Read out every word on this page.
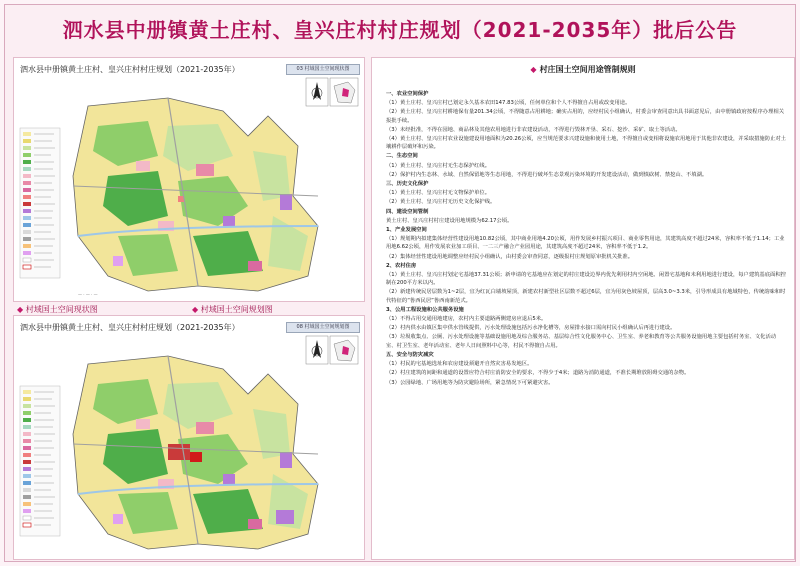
泗水县中册镇黄土庄村、皇兴庄村村庄规划（2021-2035年）批后公告
泗水县中册镇黄土庄村、皇兴庄村村庄规划（2021-2035年）	03 村域国土空间现状图
— · — · —
◆ 村域国土空间现状图	◆ 村域国土空间规划图
泗水县中册镇黄土庄村、皇兴庄村村庄规划（2021-2035年）	08 村域国土空间规划图
◆ 村庄国土空间用途管制规则

一、农业空间保护

（1）黄土庄村、皇兴庄村已划定永久基本农田147.83公顷，任何单位和个人不得擅自占用或改变用途。

（2）黄土庄村、皇兴庄村耕地保有量201.34公顷，不得随意占用耕地；确实占用的，应经村民小组确认，村委会审查同意出具书面意见后，由中册镇政府按程序办理相关报批手续。

（3）未经批准，不得在园地、商品林及其他农用地进行非农建设活动，不得进行毁林开垦、采石、挖沙、采矿、取土等活动。

（4）黄土庄村、皇兴庄村农业设施建设用地面积为20.26公顷，应当规范要求兴建设施和使用土地，不得擅自或变相将设施农用地用于其他非农建设，并采取措施防止对土壤耕作层破坏和污染。

二、生态空间

（1）黄土庄村、皇兴庄村无生态保护红线。

（2）保护村内生态林、水域、自然保留地等生态用地，不得进行破坏生态景观污染环境的开发建设活动，做到慎砍树、禁挖山、不填湖。

三、历史文化保护

（1）黄土庄村、皇兴庄村无文物保护单位。

（2）黄土庄村、皇兴庄村无历史文化保护线。

四、建设空间管制

黄土庄村、皇兴庄村村庄建设用地规模为62.17公顷。

1、产业发展空间

（1）规划期内拟建集体经营性建设用地10.82公顷，其中商业用地4.20公顷，用作发展乡村振兴项目、商业零售用途，其建筑高度不超过24米，容积率不低于1.14；工业用地6.62公顷，用作发展农业加工项目、一二三产融合产业园用途，其建筑高度不超过24米，容积率不低于1.2。

（2）集体经营性建设用地调整应经村民小组确认，由村委会审查同意，逐级报村庄规划原审批机关批准。

2、农村住房

（1）黄土庄村、皇兴庄村划定宅基地37.31公顷；新申请的宅基地应在划定的村庄建设边界内优先利用村内空闲地、闲置宅基地和未利用地进行建设，每户建筑基底面积控制在200平方米以内。

（2）新建传统民居层数为1~2层，宜为红瓦白墙坡屋顶，新建农村新型社区层数不超过6层，宜为用灰色坡屋顶，层高3.0~3.3米，引导形成具有地域特色，传统韵味和时代特征的“鲁西民居”鲁西南新范式。

3、公用工程设施和公共服务设施

（1）不得占用交通用地建房，农村内主要道路两侧建房应退后5米。

（2）村内供水由镇区集中供水管线提供，污水处理设施包括污水净化槽等，房屋排水接口需向村民小组确认后再进行建设。

（3）垃圾收集点、公厕、污水处理设施等基础设施用地及综合服务站、基层综合性文化服务中心、卫生室、养老和教育等公共服务设施用地主要包括村务室、文化活动室、村卫生室、老年活动室、老年人日间照料中心等，村民不得擅自占用。

五、安全与防灾减灾

（1）村民的宅基地选址和农房建设须避开自然灾害易发地区。

（2）村庄建筑的间距和通道的设置应符合村庄消防安全的要求，不得少于4米；道路为消防通道，不准长期堆放阻碍交通的杂物。

（3）公园绿地、广场用地等为防灾避险场所，紧急情况下可紧避灾害。
